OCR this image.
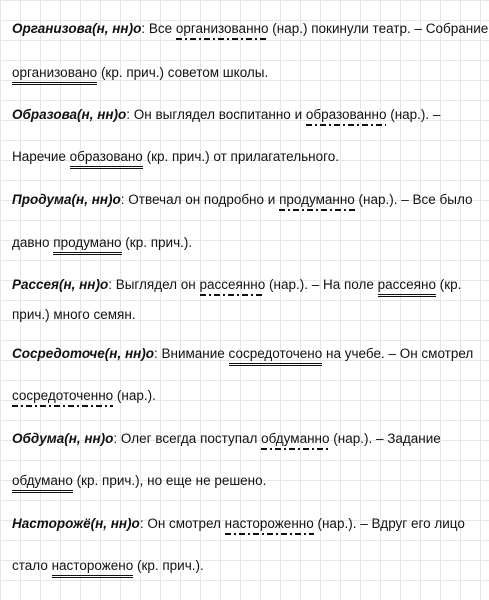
Организова(н, нн)о: Все организованно (нар.) покинули театр. – Собрание
организовано (кр. прич.) советом школы.
Образова(н, нн)о: Он выглядел воспитанно и образованно (нар.). –
Наречие образовано (кр. прич.) от прилагательного.
Продума(н, нн)о: Отвечал он подробно и продуманно (нар.). – Все было
давно продумано (кр. прич.).
Рассея(н, нн)о: Выглядел он рассеянно (нар.). – На поле рассеяно (кр.
прич.) много семян.
Сосредоточе(н, нн)о: Внимание сосредоточено на учебе. – Он смотрел
сосредоточенно (нар.).
Обдума(н, нн)о: Олег всегда поступал обдуманно (нар.). – Задание
обдумано (кр. прич.), но еще не решено.
Насторожё(н, нн)о: Он смотрел настороженно (нар.). – Вдруг его лицо
стало насторожено (кр. прич.).
